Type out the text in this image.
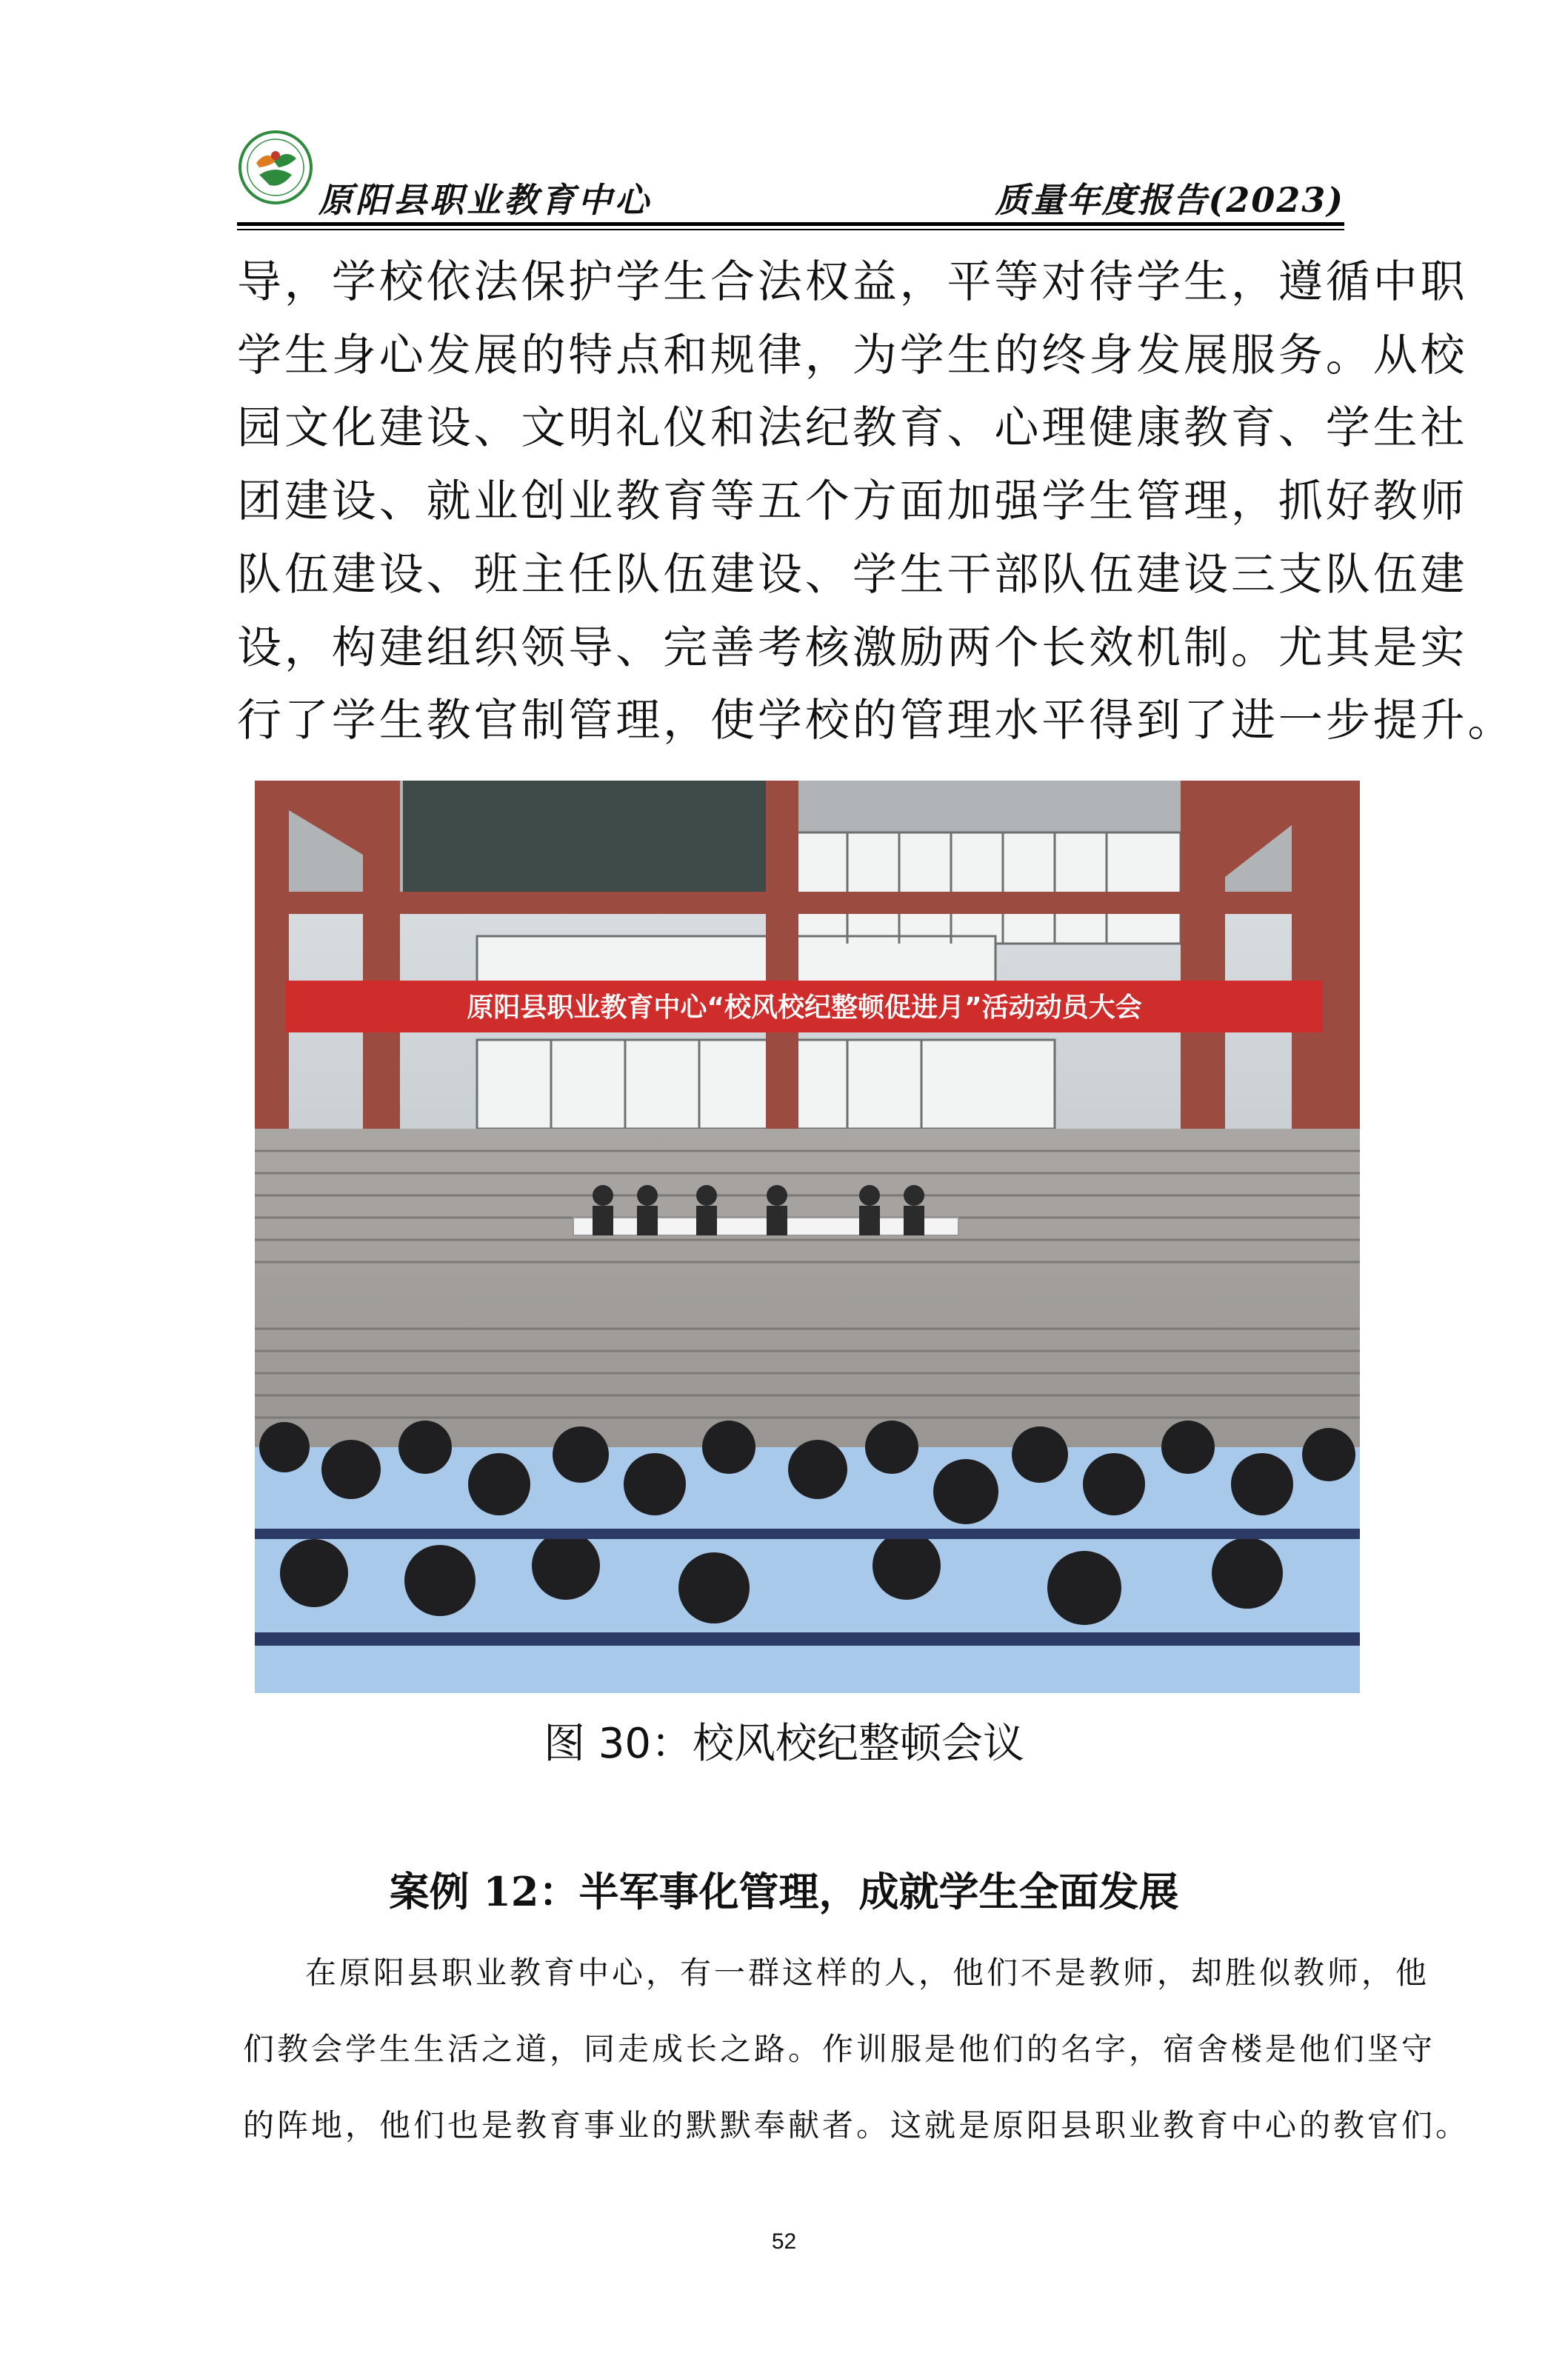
原阳县职业教育中心	质量年度报告(2023)

导，学校依法保护学生合法权益，平等对待学生，遵循中职

学生身心发展的特点和规律，为学生的终身发展服务。从校

园文化建设、文明礼仪和法纪教育、心理健康教育、学生社

团建设、就业创业教育等五个方面加强学生管理，抓好教师

队伍建设、班主任队伍建设、学生干部队伍建设三支队伍建

设，构建组织领导、完善考核激励两个长效机制。尤其是实

行了学生教官制管理，使学校的管理水平得到了进一步提升。

原阳县职业教育中心“校风校纪整顿促进月”活动动员大会
图 30：校风校纪整顿会议
案例 12：半军事化管理，成就学生全面发展

在原阳县职业教育中心，有一群这样的人，他们不是教师，却胜似教师，他

们教会学生生活之道，同走成长之路。作训服是他们的名字，宿舍楼是他们坚守

的阵地，他们也是教育事业的默默奉献者。这就是原阳县职业教育中心的教官们。

52
